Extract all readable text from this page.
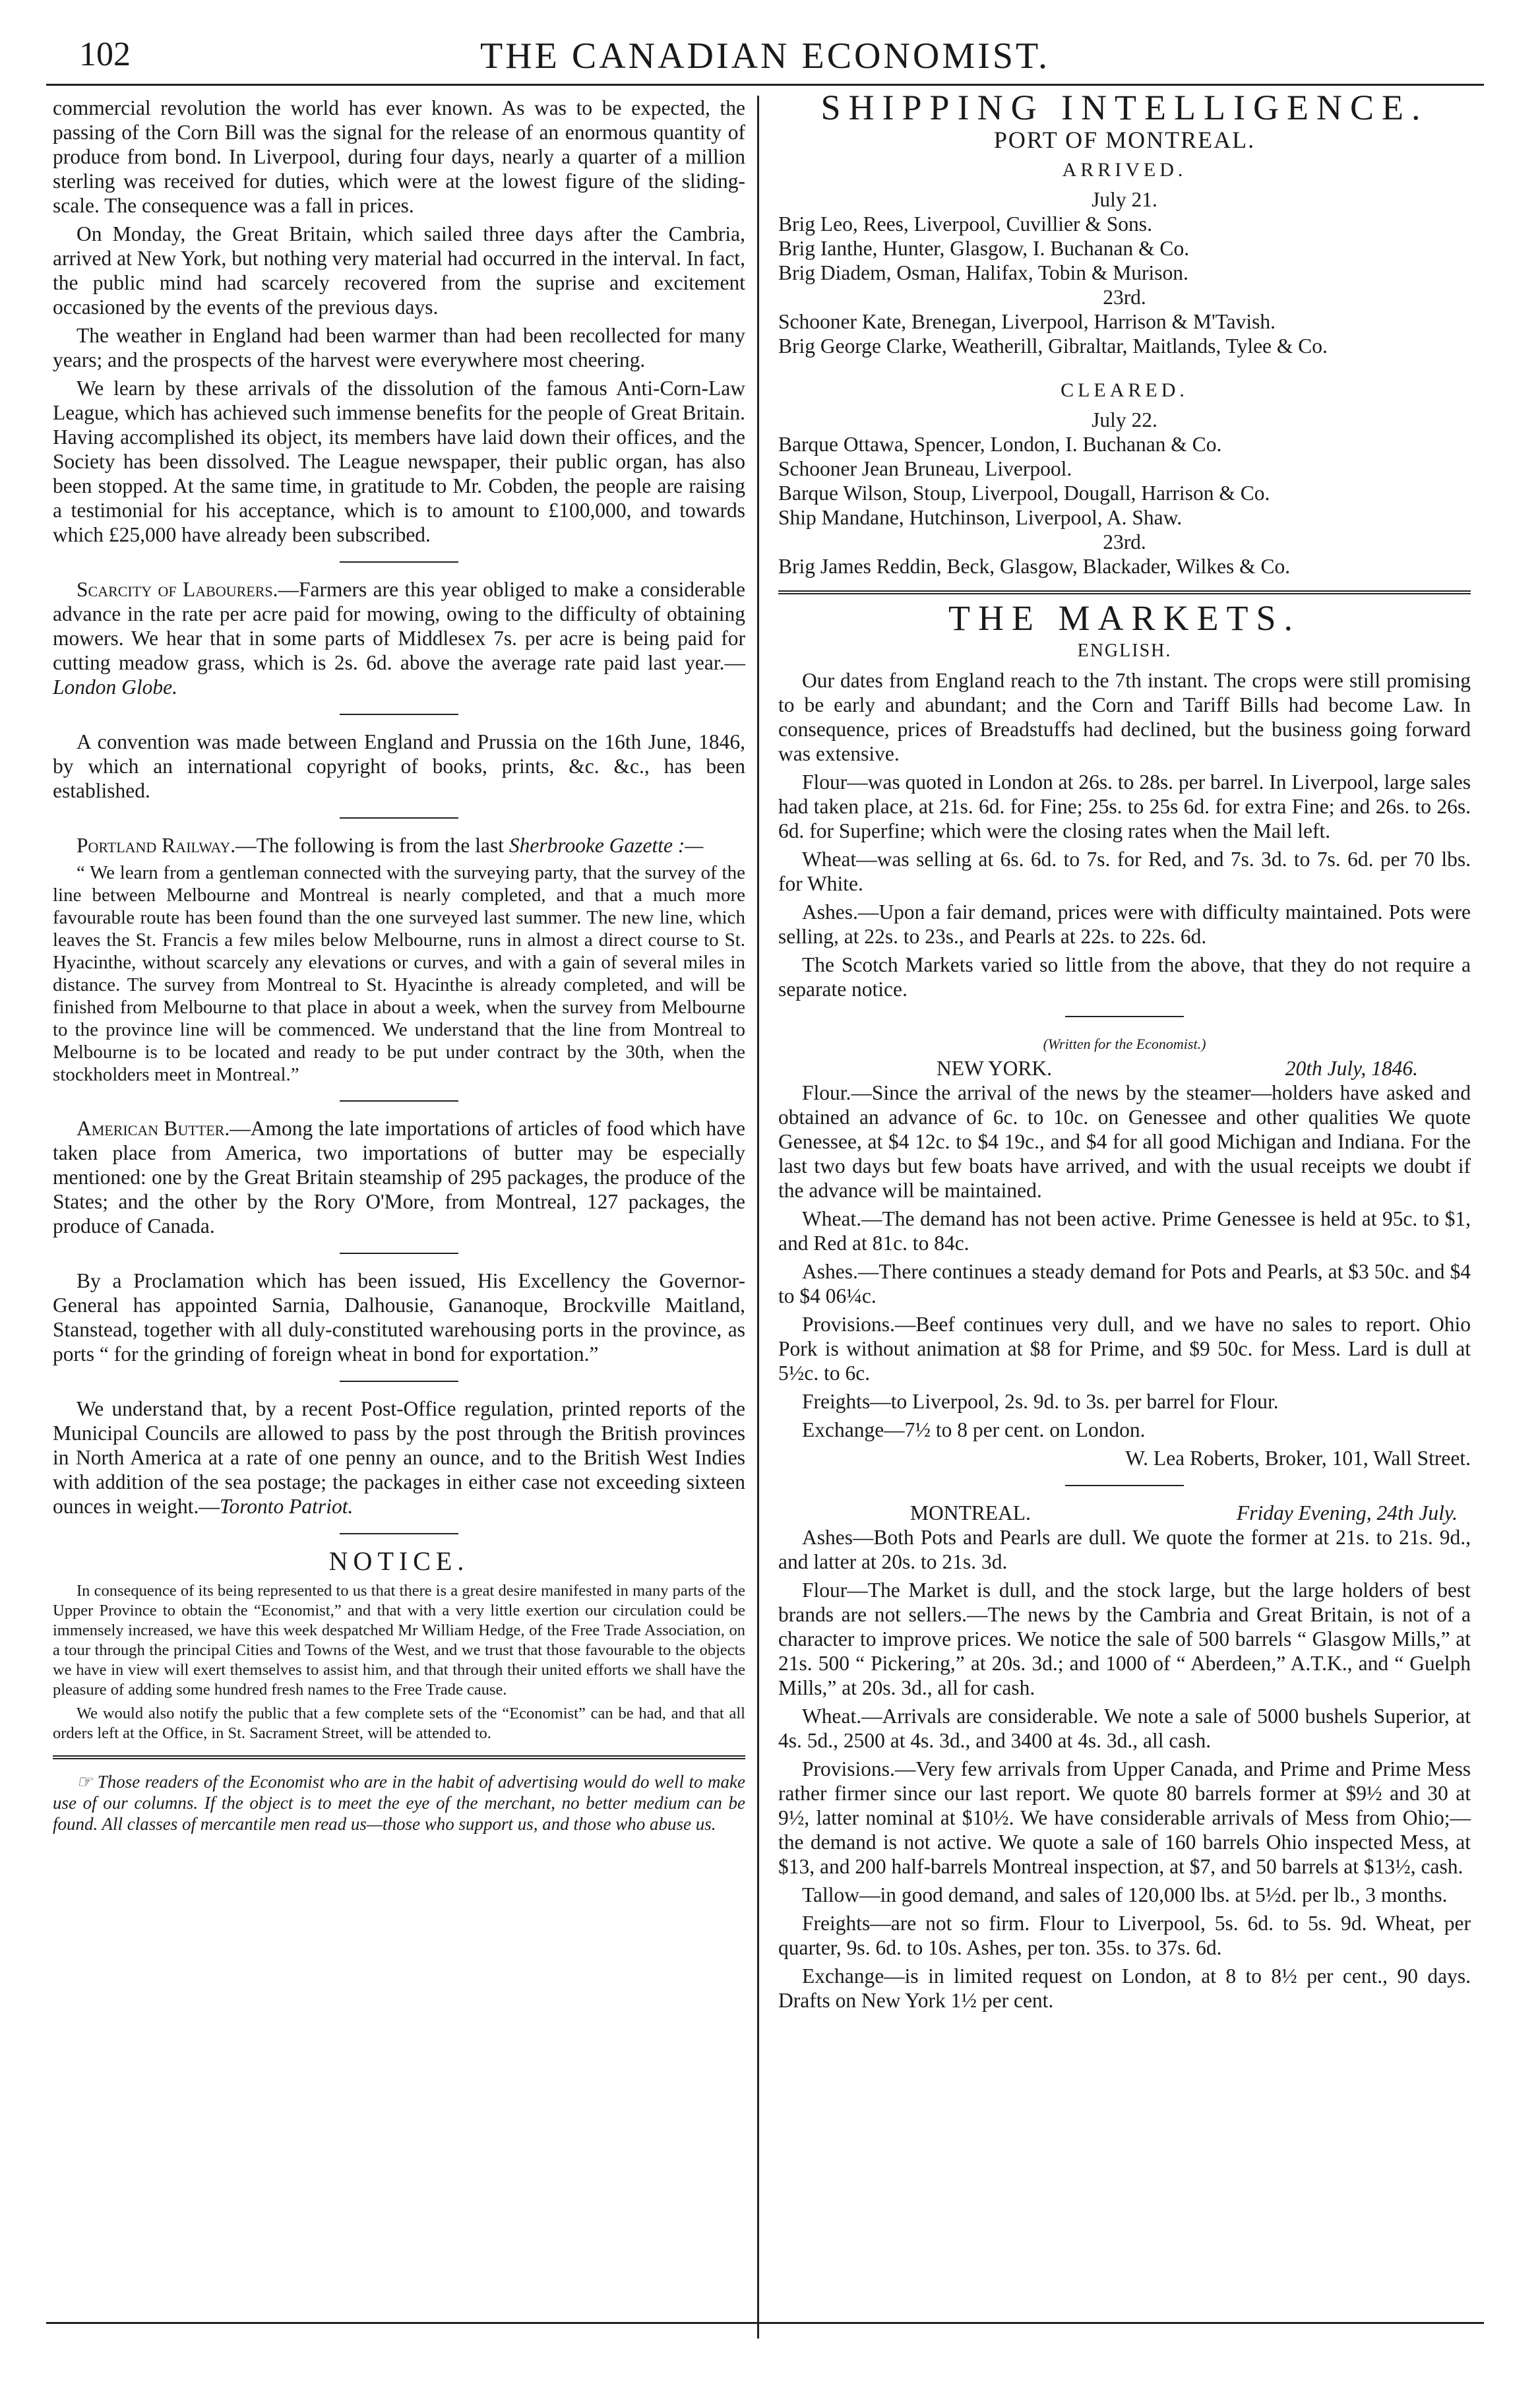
102	THE CANADIAN ECONOMIST.

commercial revolution the world has ever known. As was to be expected, the passing of the Corn Bill was the signal for the release of an enormous quantity of produce from bond. In Liverpool, during four days, nearly a quarter of a million sterling was received for duties, which were at the lowest figure of the sliding-scale. The consequence was a fall in prices.

On Monday, the Great Britain, which sailed three days after the Cambria, arrived at New York, but nothing very material had occurred in the interval. In fact, the public mind had scarcely recovered from the suprise and excitement occasioned by the events of the previous days.

The weather in England had been warmer than had been recollected for many years; and the prospects of the harvest were everywhere most cheering.

We learn by these arrivals of the dissolution of the famous Anti-Corn-Law League, which has achieved such immense benefits for the people of Great Britain. Having accomplished its object, its members have laid down their offices, and the Society has been dissolved. The League newspaper, their public organ, has also been stopped. At the same time, in gratitude to Mr. Cobden, the people are raising a testimonial for his acceptance, which is to amount to £100,000, and towards which £25,000 have already been subscribed.

Scarcity of Labourers.—Farmers are this year obliged to make a considerable advance in the rate per acre paid for mowing, owing to the difficulty of obtaining mowers. We hear that in some parts of Middlesex 7s. per acre is being paid for cutting meadow grass, which is 2s. 6d. above the average rate paid last year.—London Globe.

A convention was made between England and Prussia on the 16th June, 1846, by which an international copyright of books, prints, &c. &c., has been established.

Portland Railway.—The following is from the last Sherbrooke Gazette :—

“ We learn from a gentleman connected with the surveying party, that the survey of the line between Melbourne and Montreal is nearly completed, and that a much more favourable route has been found than the one surveyed last summer. The new line, which leaves the St. Francis a few miles below Melbourne, runs in almost a direct course to St. Hyacinthe, without scarcely any elevations or curves, and with a gain of several miles in distance. The survey from Montreal to St. Hyacinthe is already completed, and will be finished from Melbourne to that place in about a week, when the survey from Melbourne to the province line will be commenced. We understand that the line from Montreal to Melbourne is to be located and ready to be put under contract by the 30th, when the stockholders meet in Montreal.”

American Butter.—Among the late importations of articles of food which have taken place from America, two importations of butter may be especially mentioned: one by the Great Britain steamship of 295 packages, the produce of the States; and the other by the Rory O'More, from Montreal, 127 packages, the produce of Canada.

By a Proclamation which has been issued, His Excellency the Governor-General has appointed Sarnia, Dalhousie, Gananoque, Brockville Maitland, Stanstead, together with all duly-constituted warehousing ports in the province, as ports “ for the grinding of foreign wheat in bond for exportation.”

We understand that, by a recent Post-Office regulation, printed reports of the Municipal Councils are allowed to pass by the post through the British provinces in North America at a rate of one penny an ounce, and to the British West Indies with addition of the sea postage; the packages in either case not exceeding sixteen ounces in weight.—Toronto Patriot.

NOTICE.

In consequence of its being represented to us that there is a great desire manifested in many parts of the Upper Province to obtain the “Economist,” and that with a very little exertion our circulation could be immensely increased, we have this week despatched Mr William Hedge, of the Free Trade Association, on a tour through the principal Cities and Towns of the West, and we trust that those favourable to the objects we have in view will exert themselves to assist him, and that through their united efforts we shall have the pleasure of adding some hundred fresh names to the Free Trade cause.

We would also notify the public that a few complete sets of the “Economist” can be had, and that all orders left at the Office, in St. Sacrament Street, will be attended to.

☞ Those readers of the Economist who are in the habit of advertising would do well to make use of our columns. If the object is to meet the eye of the merchant, no better medium can be found. All classes of mercantile men read us—those who support us, and those who abuse us.

SHIPPING INTELLIGENCE.
PORT OF MONTREAL.
ARRIVED.
July 21.

Brig Leo, Rees, Liverpool, Cuvillier & Sons.

Brig Ianthe, Hunter, Glasgow, I. Buchanan & Co.

Brig Diadem, Osman, Halifax, Tobin & Murison.

23rd.

Schooner Kate, Brenegan, Liverpool, Harrison & M'Tavish.

Brig George Clarke, Weatherill, Gibraltar, Maitlands, Tylee & Co.

CLEARED.
July 22.

Barque Ottawa, Spencer, London, I. Buchanan & Co.

Schooner Jean Bruneau, Liverpool.

Barque Wilson, Stoup, Liverpool, Dougall, Harrison & Co.

Ship Mandane, Hutchinson, Liverpool, A. Shaw.

23rd.

Brig James Reddin, Beck, Glasgow, Blackader, Wilkes & Co.

THE MARKETS.
ENGLISH.

Our dates from England reach to the 7th instant. The crops were still promising to be early and abundant; and the Corn and Tariff Bills had become Law. In consequence, prices of Breadstuffs had declined, but the business going forward was extensive.

Flour—was quoted in London at 26s. to 28s. per barrel. In Liverpool, large sales had taken place, at 21s. 6d. for Fine; 25s. to 25s 6d. for extra Fine; and 26s. to 26s. 6d. for Superfine; which were the closing rates when the Mail left.

Wheat—was selling at 6s. 6d. to 7s. for Red, and 7s. 3d. to 7s. 6d. per 70 lbs. for White.

Ashes.—Upon a fair demand, prices were with difficulty maintained. Pots were selling, at 22s. to 23s., and Pearls at 22s. to 22s. 6d.

The Scotch Markets varied so little from the above, that they do not require a separate notice.

(Written for the Economist.)
NEW YORK.	20th July, 1846.

Flour.—Since the arrival of the news by the steamer—holders have asked and obtained an advance of 6c. to 10c. on Genessee and other qualities We quote Genessee, at $4 12c. to $4 19c., and $4 for all good Michigan and Indiana. For the last two days but few boats have arrived, and with the usual receipts we doubt if the advance will be maintained.

Wheat.—The demand has not been active. Prime Genessee is held at 95c. to $1, and Red at 81c. to 84c.

Ashes.—There continues a steady demand for Pots and Pearls, at $3 50c. and $4 to $4 06¼c.

Provisions.—Beef continues very dull, and we have no sales to report. Ohio Pork is without animation at $8 for Prime, and $9 50c. for Mess. Lard is dull at 5½c. to 6c.

Freights—to Liverpool, 2s. 9d. to 3s. per barrel for Flour.

Exchange—7½ to 8 per cent. on London.

W. Lea Roberts, Broker, 101, Wall Street.
MONTREAL.	Friday Evening, 24th July.

Ashes—Both Pots and Pearls are dull. We quote the former at 21s. to 21s. 9d., and latter at 20s. to 21s. 3d.

Flour—The Market is dull, and the stock large, but the large holders of best brands are not sellers.—The news by the Cambria and Great Britain, is not of a character to improve prices. We notice the sale of 500 barrels “ Glasgow Mills,” at 21s. 500 “ Pickering,” at 20s. 3d.; and 1000 of “ Aberdeen,” A.T.K., and “ Guelph Mills,” at 20s. 3d., all for cash.

Wheat.—Arrivals are considerable. We note a sale of 5000 bushels Superior, at 4s. 5d., 2500 at 4s. 3d., and 3400 at 4s. 3d., all cash.

Provisions.—Very few arrivals from Upper Canada, and Prime and Prime Mess rather firmer since our last report. We quote 80 barrels former at $9½ and 30 at 9½, latter nominal at $10½. We have considerable arrivals of Mess from Ohio;—the demand is not active. We quote a sale of 160 barrels Ohio inspected Mess, at $13, and 200 half-barrels Montreal inspection, at $7, and 50 barrels at $13½, cash.

Tallow—in good demand, and sales of 120,000 lbs. at 5½d. per lb., 3 months.

Freights—are not so firm. Flour to Liverpool, 5s. 6d. to 5s. 9d. Wheat, per quarter, 9s. 6d. to 10s. Ashes, per ton. 35s. to 37s. 6d.

Exchange—is in limited request on London, at 8 to 8½ per cent., 90 days. Drafts on New York 1½ per cent.
